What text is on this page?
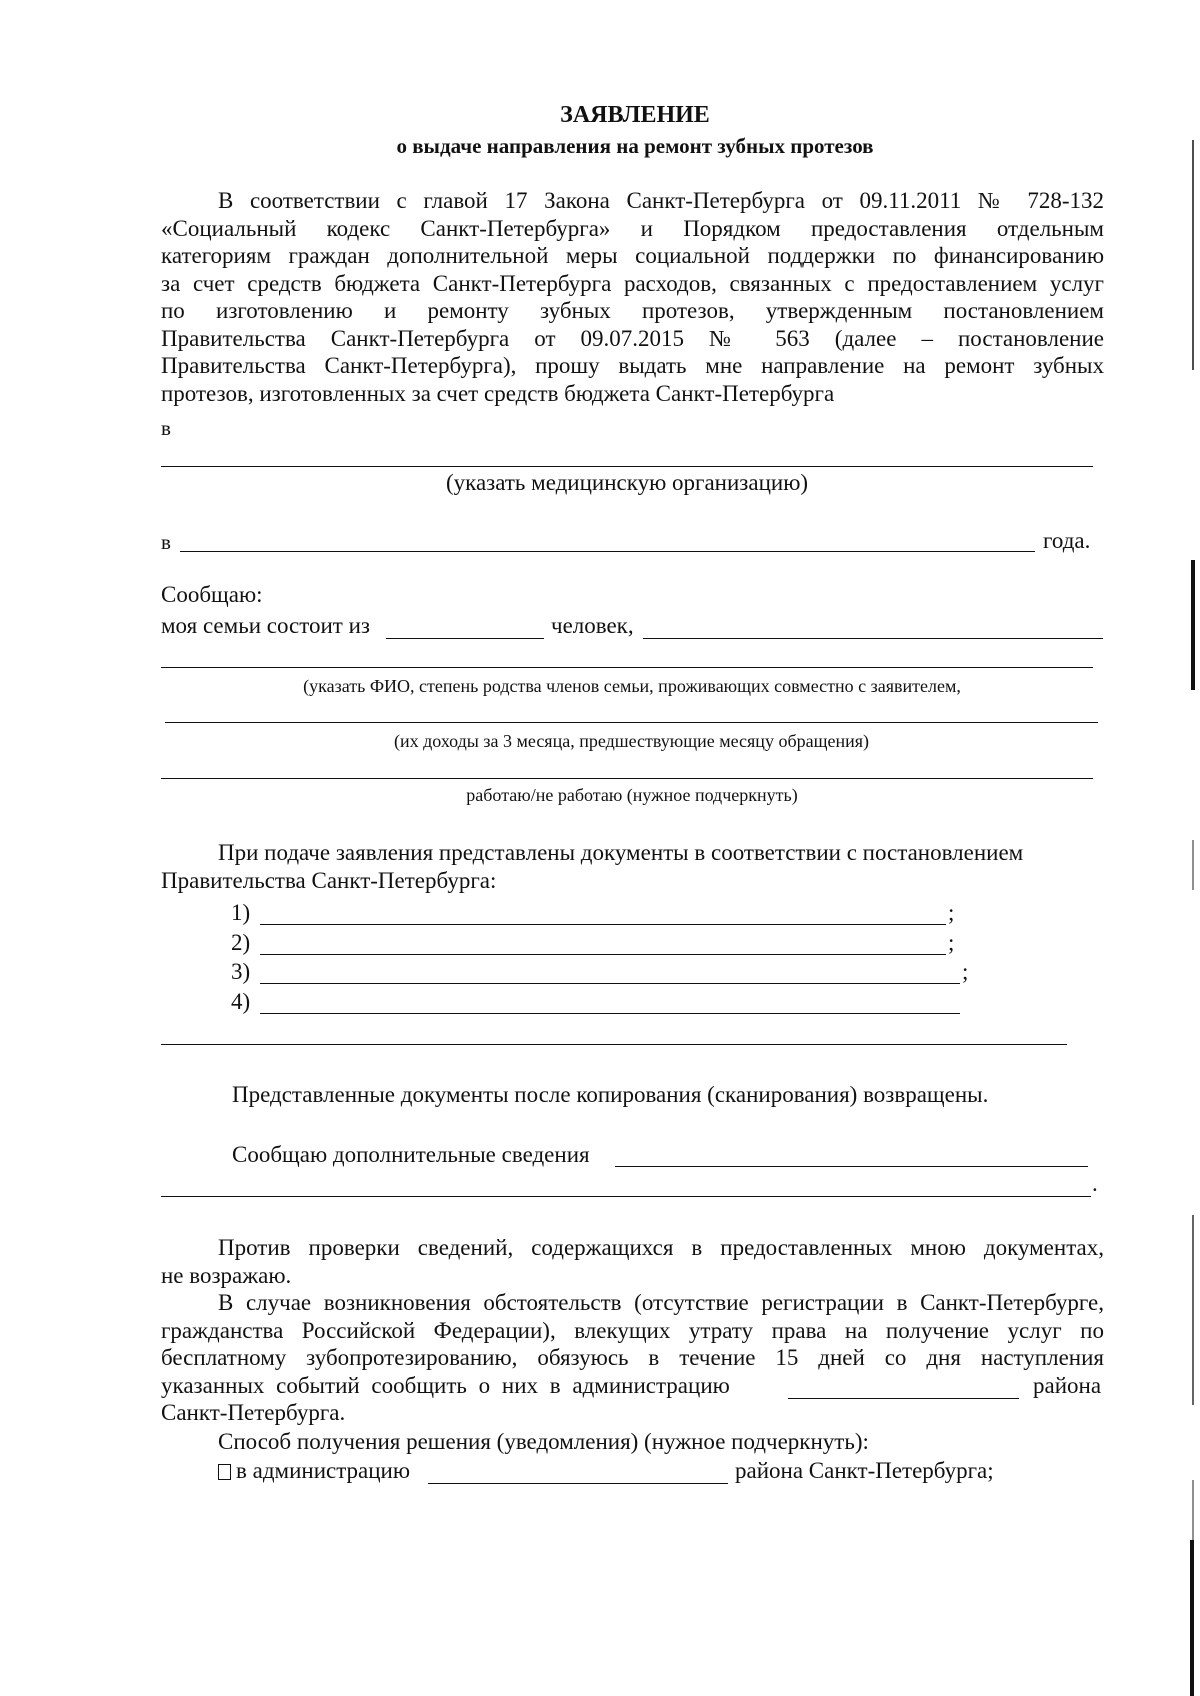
ЗАЯВЛЕНИЕ
о выдаче направления на ремонт зубных протезов
В соответствии с главой 17 Закона Санкт-Петербурга от 09.11.2011 № 728-132
«Социальный кодекс Санкт-Петербурга» и Порядком предоставления отдельным
категориям граждан дополнительной меры социальной поддержки по финансированию
за счет средств бюджета Санкт-Петербурга расходов, связанных с предоставлением услуг
по изготовлению и ремонту зубных протезов, утвержденным постановлением
Правительства Санкт-Петербурга от 09.07.2015 № 563 (далее – постановление
Правительства Санкт-Петербурга), прошу выдать мне направление на ремонт зубных
протезов, изготовленных за счет средств бюджета Санкт-Петербурга
в
(указать медицинскую организацию)
в	года.
Сообщаю:
моя семьи состоит из	человек,
(указать ФИО, степень родства членов семьи, проживающих совместно с заявителем,
(их доходы за 3 месяца, предшествующие месяцу обращения)
работаю/не работаю (нужное подчеркнуть)
При подаче заявления представлены документы в соответствии с постановлением
Правительства Санкт-Петербурга:
1)	;
2)	;
3)	;
4)
Представленные документы после копирования (сканирования) возвращены.
Сообщаю дополнительные сведения
.
Против проверки сведений, содержащихся в предоставленных мною документах,
не возражаю.
В случае возникновения обстоятельств (отсутствие регистрации в Санкт-Петербурге,
гражданства Российской Федерации), влекущих утрату права на получение услуг по
бесплатному зубопротезированию, обязуюсь в течение 15 дней со дня наступления
указанных событий сообщить о них в администрацию	района
Санкт-Петербурга.
Способ получения решения (уведомления) (нужное подчеркнуть):
в администрацию	района Санкт-Петербурга;
